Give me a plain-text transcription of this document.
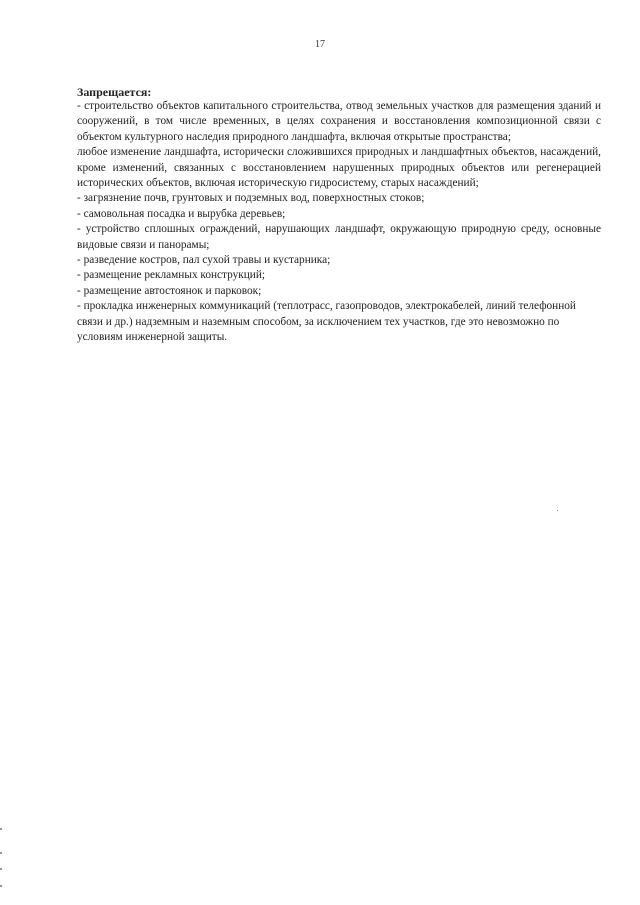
17
Запрещается:

- строительство объектов капитального строительства, отвод земельных участков для размещения зданий и сооружений, в том числе временных, в целях сохранения и восстановления композиционной связи с объектом культурного наследия природного ландшафта, включая открытые пространства;

любое изменение ландшафта, исторически сложившихся природных и ландшафтных объектов, насаждений, кроме изменений, связанных с восстановлением нарушенных природных объектов или регенерацией исторических объектов, включая историческую гидросистему, старых насаждений;

- загрязнение почв, грунтовых и подземных вод, поверхностных стоков;

- самовольная посадка и вырубка деревьев;

- устройство сплошных ограждений, нарушающих ландшафт, окружающую природную среду, основные видовые связи и панорамы;

- разведение костров, пал сухой травы и кустарника;

- размещение рекламных конструкций;

- размещение автостоянок и парковок;

- прокладка инженерных коммуникаций (теплотрасс, газопроводов, электрокабелей, линий телефонной связи и др.) надземным и наземным способом, за исключением тех участков, где это невозможно по условиям инженерной защиты.
